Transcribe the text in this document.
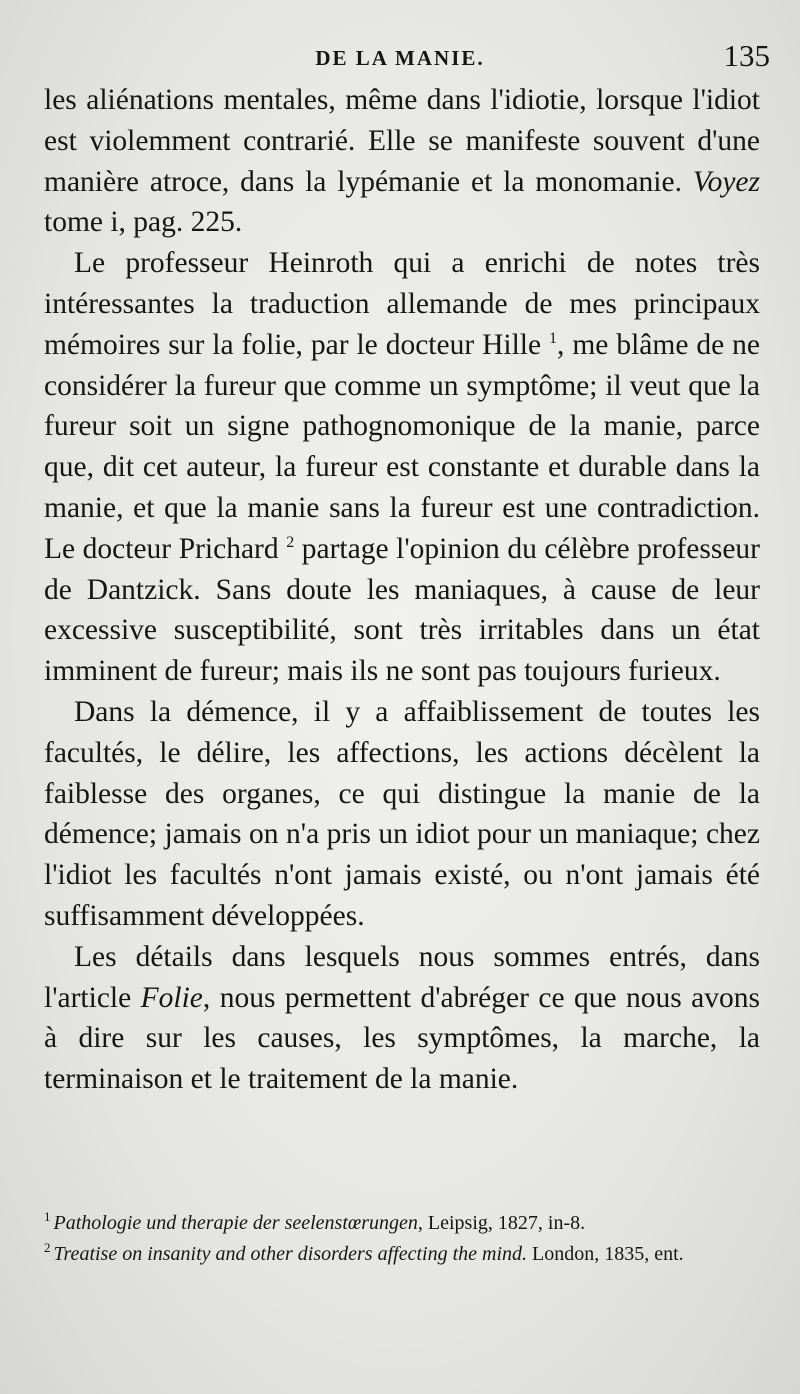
DE LA MANIE.	135

les aliénations mentales, même dans l'idiotie, lorsque l'idiot est violemment contrarié. Elle se manifeste souvent d'une manière atroce, dans la lypémanie et la monomanie. Voyez tome i, pag. 225.

Le professeur Heinroth qui a enrichi de notes très intéressantes la traduction allemande de mes principaux mémoires sur la folie, par le docteur Hille $^1$, me blâme de ne considérer la fureur que comme un symptôme; il veut que la fureur soit un signe pathognomonique de la manie, parce que, dit cet auteur, la fureur est constante et durable dans la manie, et que la manie sans la fureur est une contradiction. Le docteur Prichard $^2$ partage l'opinion du célèbre professeur de Dantzick. Sans doute les maniaques, à cause de leur excessive susceptibilité, sont très irritables dans un état imminent de fureur; mais ils ne sont pas toujours furieux.

Dans la démence, il y a affaiblissement de toutes les facultés, le délire, les affections, les actions décèlent la faiblesse des organes, ce qui distingue la manie de la démence; jamais on n'a pris un idiot pour un maniaque; chez l'idiot les facultés n'ont jamais existé, ou n'ont jamais été suffisamment développées.

Les détails dans lesquels nous sommes entrés, dans l'article Folie, nous permettent d'abréger ce que nous avons à dire sur les causes, les symptômes, la marche, la terminaison et le traitement de la manie.

$^1$ Pathologie und therapie der seelenstœrungen, Leipsig, 1827, in-8.

$^2$ Treatise on insanity and other disorders affecting the mind. London, 1835, ent.
